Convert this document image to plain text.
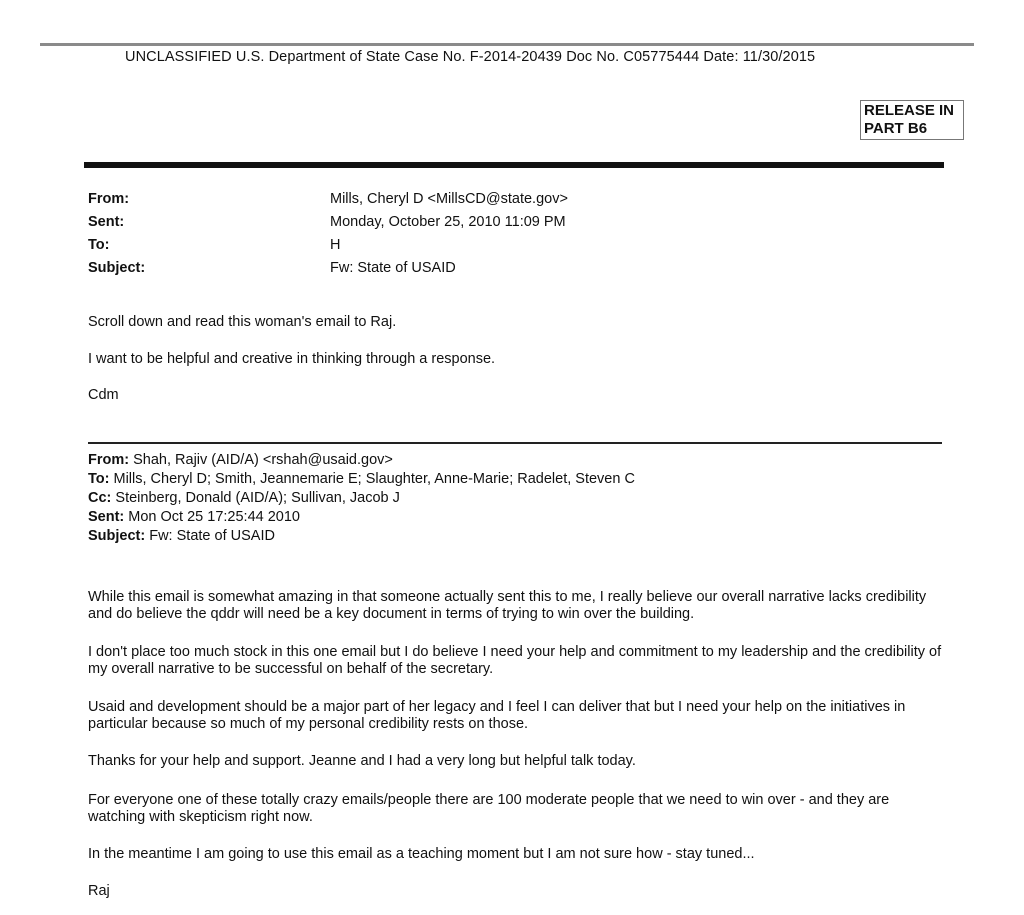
UNCLASSIFIED U.S. Department of State Case No. F-2014-20439 Doc No. C05775444 Date: 11/30/2015
RELEASE IN
PART B6
From:	Mills, Cheryl D <MillsCD@state.gov>
Sent:	Monday, October 25, 2010 11:09 PM
To:	H
Subject:	Fw: State of USAID
Scroll down and read this woman's email to Raj.
I want to be helpful and creative in thinking through a response.
Cdm
From: Shah, Rajiv (AID/A) <rshah@usaid.gov>
To: Mills, Cheryl D; Smith, Jeannemarie E; Slaughter, Anne-Marie; Radelet, Steven C
Cc: Steinberg, Donald (AID/A); Sullivan, Jacob J
Sent: Mon Oct 25 17:25:44 2010
Subject: Fw: State of USAID
While this email is somewhat amazing in that someone actually sent this to me, I really believe our overall narrative lacks credibility and do believe the qddr will need be a key document in terms of trying to win over the building.
I don't place too much stock in this one email but I do believe I need your help and commitment to my leadership and the credibility of my overall narrative to be successful on behalf of the secretary.
Usaid and development should be a major part of her legacy and I feel I can deliver that but I need your help on the initiatives in particular because so much of my personal credibility rests on those.
Thanks for your help and support. Jeanne and I had a very long but helpful talk today.
For everyone one of these totally crazy emails/people there are 100 moderate people that we need to win over - and they are watching with skepticism right now.
In the meantime I am going to use this email as a teaching moment but I am not sure how - stay tuned...
Raj
